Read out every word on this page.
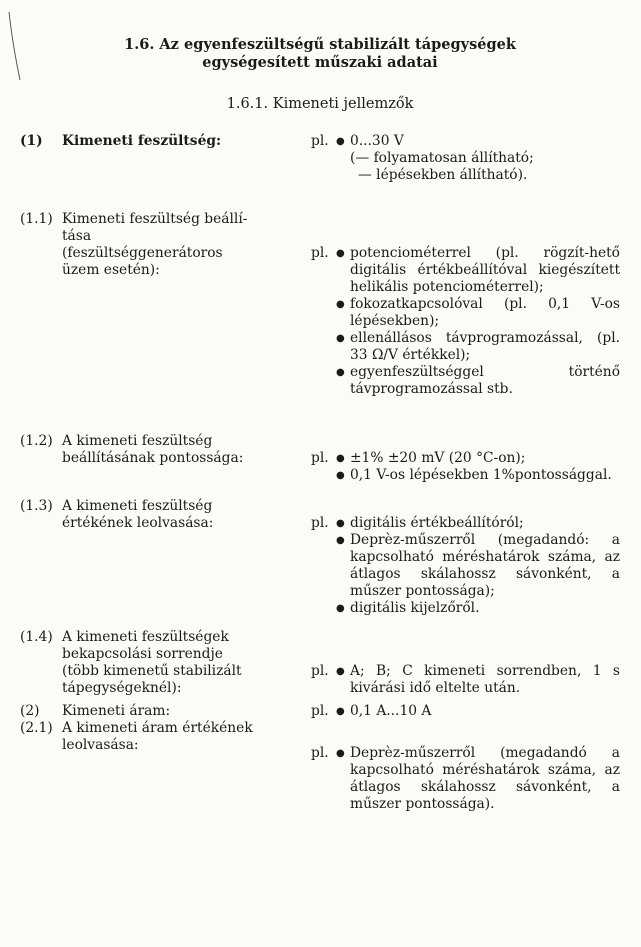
1.6. Az egyenfeszültségű stabilizált tápegységek
egységesített műszaki adatai
1.6.1. Kimeneti jellemzők
(1)	Kimeneti feszültség:	pl. ● 0...30 V
(— folyamatosan állítható;
— lépésekben állítható).
(1.1) Kimeneti feszültség beállí-
tása
(feszültséggenerátoros
üzem esetén):
pl. ● potenciométerrel (pl. rögzít-hető digitális értékbeállítóval kiegészített helikális potenciométerrel);
● fokozatkapcsolóval (pl. 0,1 V-os lépésekben);
● ellenállásos távprogramozással, (pl. 33 Ω/V értékkel);
● egyenfeszültséggel történő távprogramozással stb.
(1.2) A kimeneti feszültség
beállításának pontossága:	pl. ● ±1% ±20 mV (20 °C-on);
● 0,1 V-os lépésekben 1%pontossággal.
(1.3) A kimeneti feszültség
értékének leolvasása:	pl. ● digitális értékbeállítóról;
● Deprèz-műszerről (megadandó: a kapcsolható méréshatárok száma, az átlagos skálahossz sávonként, a műszer pontossága);
● digitális kijelzőről.
(1.4) A kimeneti feszültségek
bekapcsolási sorrendje
(több kimenetű stabilizált
tápegységeknél):
pl. ● A; B; C kimeneti sorrendben, 1 s kivárási idő eltelte után.
(2)	Kimeneti áram:	pl. ● 0,1 A...10 A
(2.1) A kimeneti áram értékének
leolvasása:	pl. ● Deprèz-műszerről (megadandó a kapcsolható méréshatárok száma, az átlagos skálahossz sávonként, a műszer pontossága).
